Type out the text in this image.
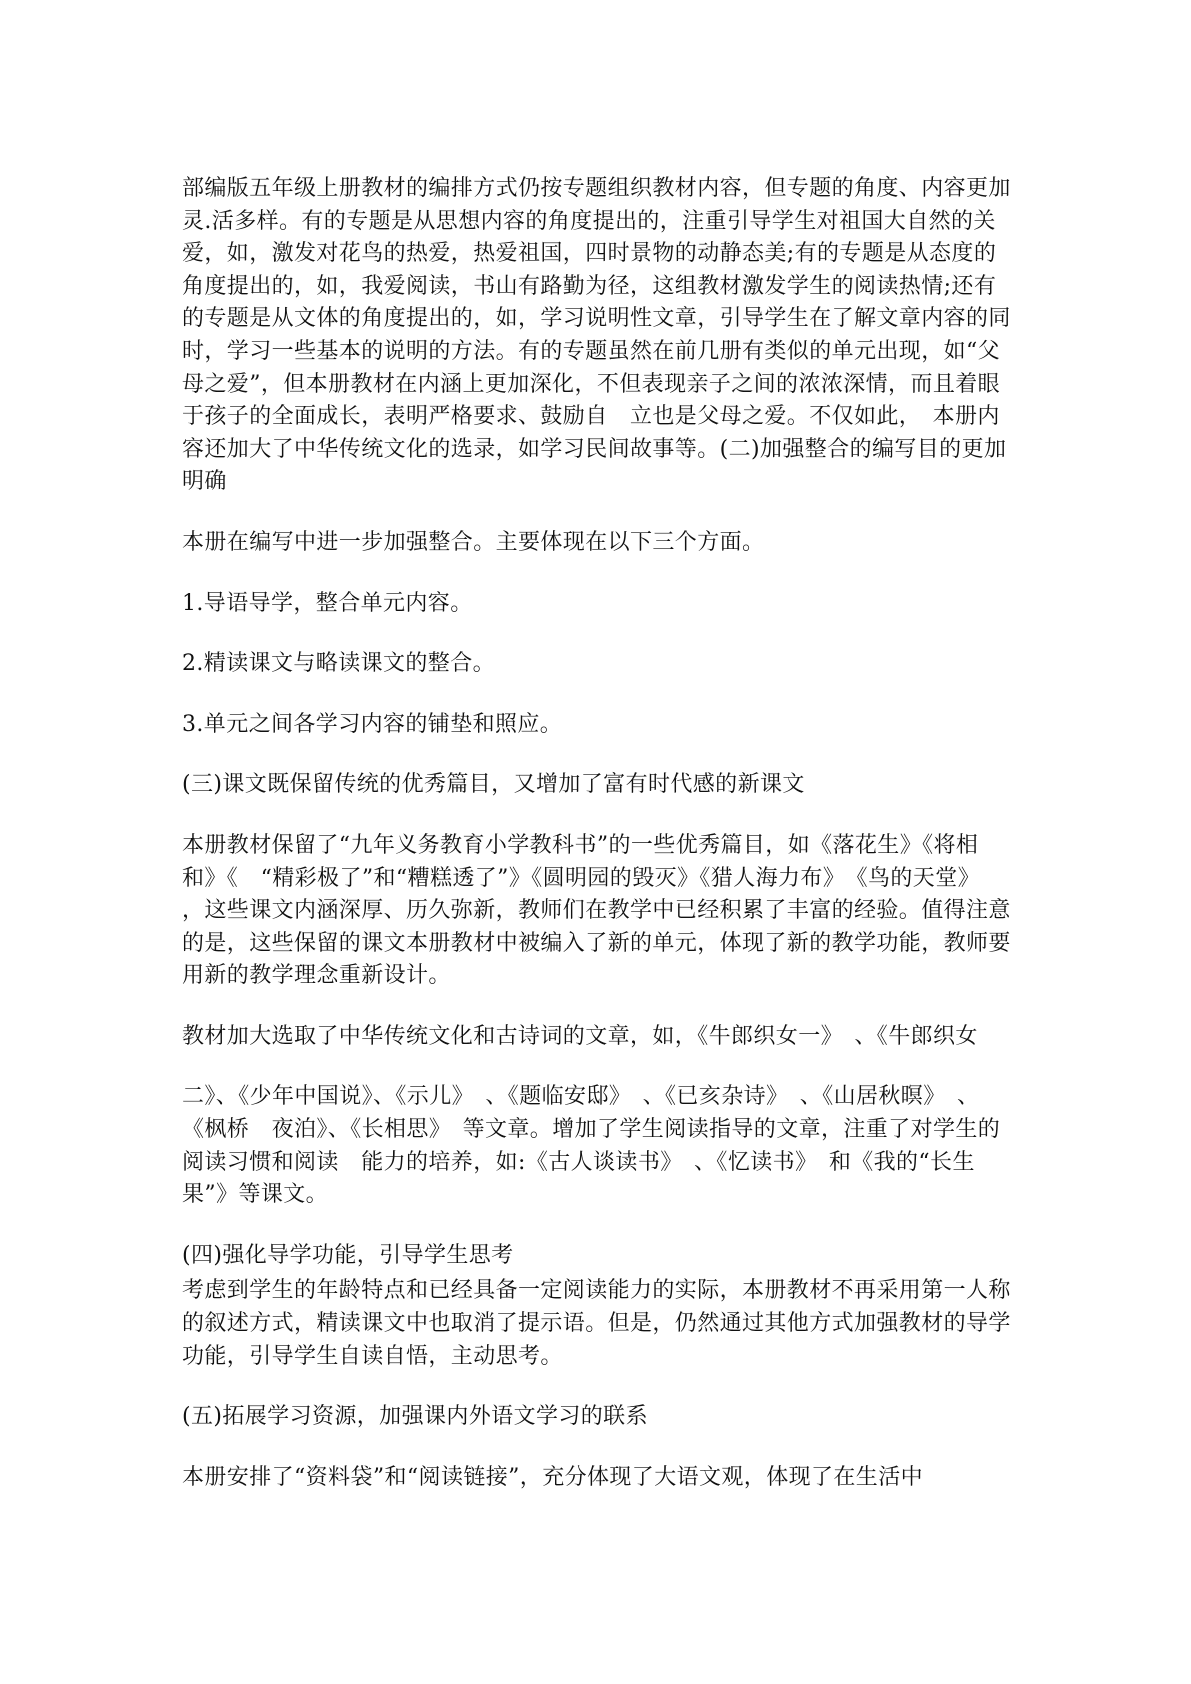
部编版五年级上册教材的编排方式仍按专题组织教材内容，但专题的角度、内容更加灵.活多样。有的专题是从思想内容的角度提出的，注重引导学生对祖国大自然的关爱，如，激发对花鸟的热爱，热爱祖国，四时景物的动静态美;有的专题是从态度的角度提出的，如，我爱阅读，书山有路勤为径，这组教材激发学生的阅读热情;还有的专题是从文体的角度提出的，如，学习说明性文章，引导学生在了解文章内容的同时，学习一些基本的说明的方法。有的专题虽然在前几册有类似的单元出现，如“父母之爱”，但本册教材在内涵上更加深化，不但表现亲子之间的浓浓深情，而且着眼于孩子的全面成长，表明严格要求、鼓励自　立也是父母之爱。不仅如此，　本册内容还加大了中华传统文化的选录，如学习民间故事等。(二)加强整合的编写目的更加明确

本册在编写中进一步加强整合。主要体现在以下三个方面。

1.导语导学，整合单元内容。

2.精读课文与略读课文的整合。

3.单元之间各学习内容的铺垫和照应。

(三)课文既保留传统的优秀篇目，又增加了富有时代感的新课文

本册教材保留了“九年义务教育小学教科书”的一些优秀篇目，如《落花生》《将相　和》《　“精彩极了”和“糟糕透了”》《圆明园的毁灭》《猎人海力布》　《鸟的天堂》　，这些课文内涵深厚、历久弥新，教师们在教学中已经积累了丰富的经验。值得注意的是，这些保留的课文本册教材中被编入了新的单元，体现了新的教学功能，教师要用新的教学理念重新设计。

教材加大选取了中华传统文化和古诗词的文章，如，《牛郎织女一》　、《牛郎织女

二》、《少年中国说》、《示儿》　、《题临安邸》　、《已亥杂诗》　、《山居秋暝》　、《枫桥　夜泊》、《长相思》　等文章。增加了学生阅读指导的文章，注重了对学生的阅读习惯和阅读　能力的培养，如:《古人谈读书》　、《忆读书》　和《我的“长生果”》等课文。

(四)强化导学功能，引导学生思考

考虑到学生的年龄特点和已经具备一定阅读能力的实际，本册教材不再采用第一人称的叙述方式，精读课文中也取消了提示语。但是，仍然通过其他方式加强教材的导学功能，引导学生自读自悟，主动思考。

(五)拓展学习资源，加强课内外语文学习的联系

本册安排了“资料袋”和“阅读链接”，充分体现了大语文观，体现了在生活中
